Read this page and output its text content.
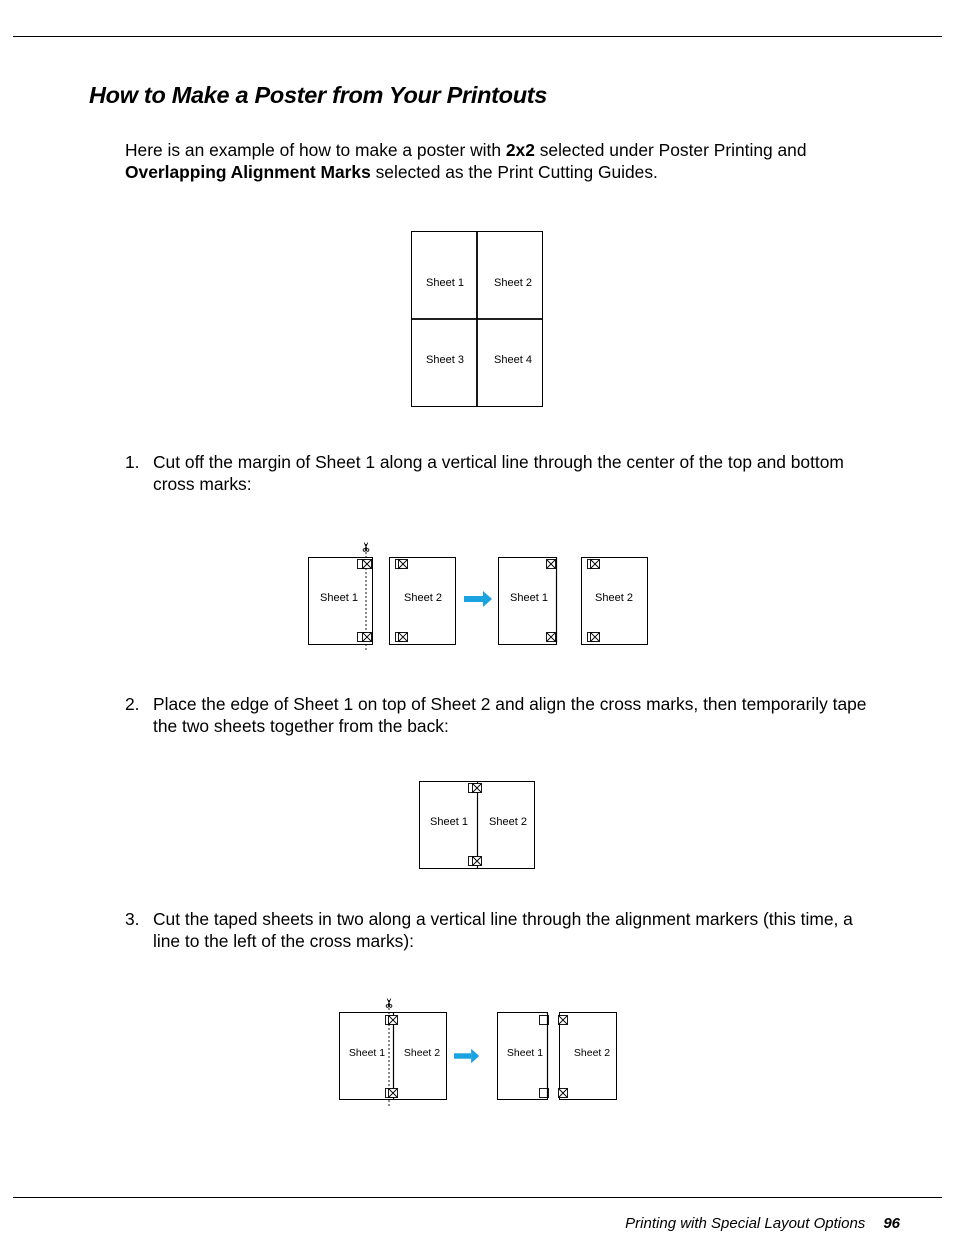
How to Make a Poster from Your Printouts

Here is an example of how to make a poster with 2x2 selected under Poster Printing and
Overlapping Alignment Marks selected as the Print Cutting Guides.

Sheet 1	Sheet 2
Sheet 3	Sheet 4

1. Cut off the margin of Sheet 1 along a vertical line through the center of the top and bottom cross marks:

Sheet 1	Sheet 2	Sheet 1	Sheet 2

2. Place the edge of Sheet 1 on top of Sheet 2 and align the cross marks, then temporarily tape the two sheets together from the back:

Sheet 1 Sheet 2

3. Cut the taped sheets in two along a vertical line through the alignment markers (this time, a line to the left of the cross marks):

Sheet 1 Sheet 2	Sheet 1	Sheet 2
Printing with Special Layout Options 96
